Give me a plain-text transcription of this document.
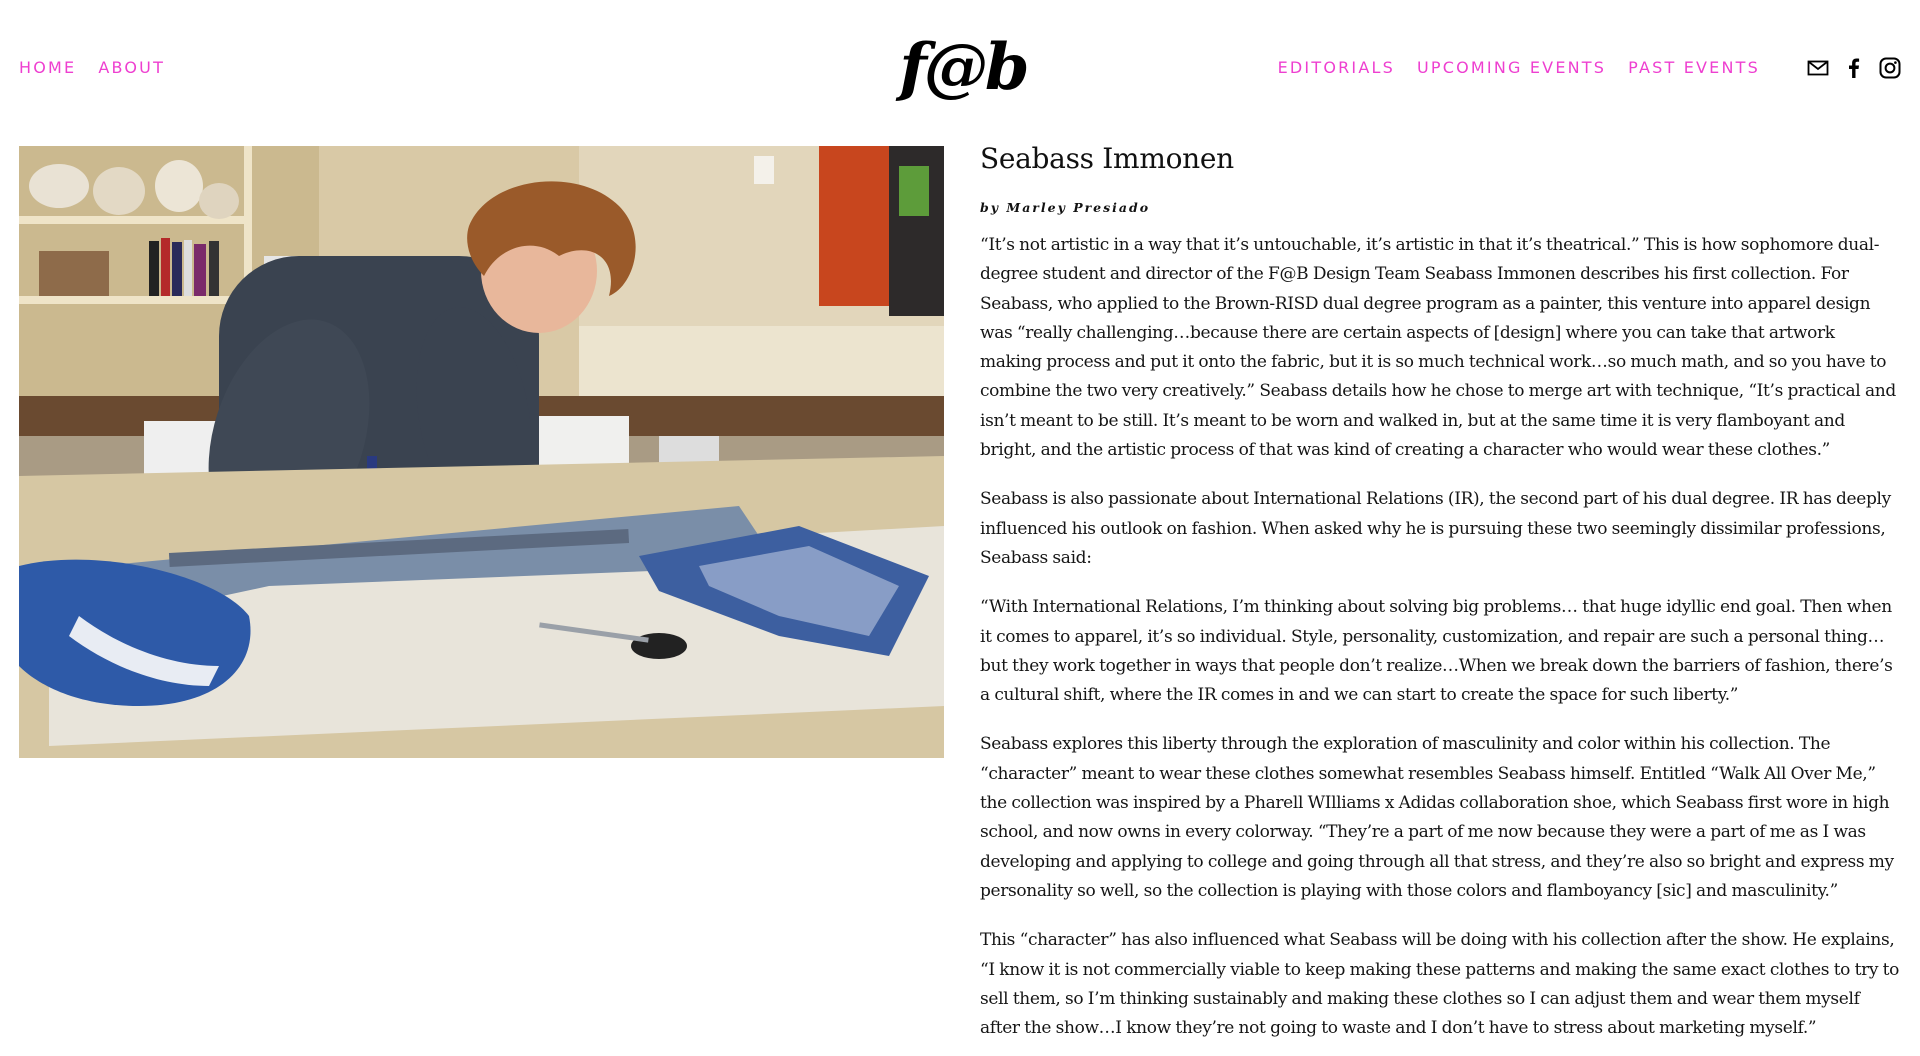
HOME ABOUT	f@b	EDITORIALS UPCOMING EVENTS PAST EVENTS
Seabass Immonen
by Marley Presiado

“It’s not artistic in a way that it’s untouchable, it’s artistic in that it’s theatrical.” This is how sophomore dual-degree student and director of the F@B Design Team Seabass Immonen describes his first collection. For Seabass, who applied to the Brown-RISD dual degree program as a painter, this venture into apparel design was “really challenging…because there are certain aspects of [design] where you can take that artwork making process and put it onto the fabric, but it is so much technical work…so much math, and so you have to combine the two very creatively.” Seabass details how he chose to merge art with technique, “It’s practical and isn’t meant to be still. It’s meant to be worn and walked in, but at the same time it is very flamboyant and bright, and the artistic process of that was kind of creating a character who would wear these clothes.”

Seabass is also passionate about International Relations (IR), the second part of his dual degree. IR has deeply influenced his outlook on fashion. When asked why he is pursuing these two seemingly dissimilar professions, Seabass said:

“With International Relations, I’m thinking about solving big problems… that huge idyllic end goal. Then when it comes to apparel, it’s so individual. Style, personality, customization, and repair are such a personal thing…but they work together in ways that people don’t realize…When we break down the barriers of fashion, there’s a cultural shift, where the IR comes in and we can start to create the space for such liberty.”

Seabass explores this liberty through the exploration of masculinity and color within his collection. The “character” meant to wear these clothes somewhat resembles Seabass himself. Entitled “Walk All Over Me,” the collection was inspired by a Pharell WIlliams x Adidas collaboration shoe, which Seabass first wore in high school, and now owns in every colorway. “They’re a part of me now because they were a part of me as I was developing and applying to college and going through all that stress, and they’re also so bright and express my personality so well, so the collection is playing with those colors and flamboyancy [sic] and masculinity.”

This “character” has also influenced what Seabass will be doing with his collection after the show. He explains, “I know it is not commercially viable to keep making these patterns and making the same exact clothes to try to sell them, so I’m thinking sustainably and making these clothes so I can adjust them and wear them myself after the show…I know they’re not going to waste and I don’t have to stress about marketing myself.”
